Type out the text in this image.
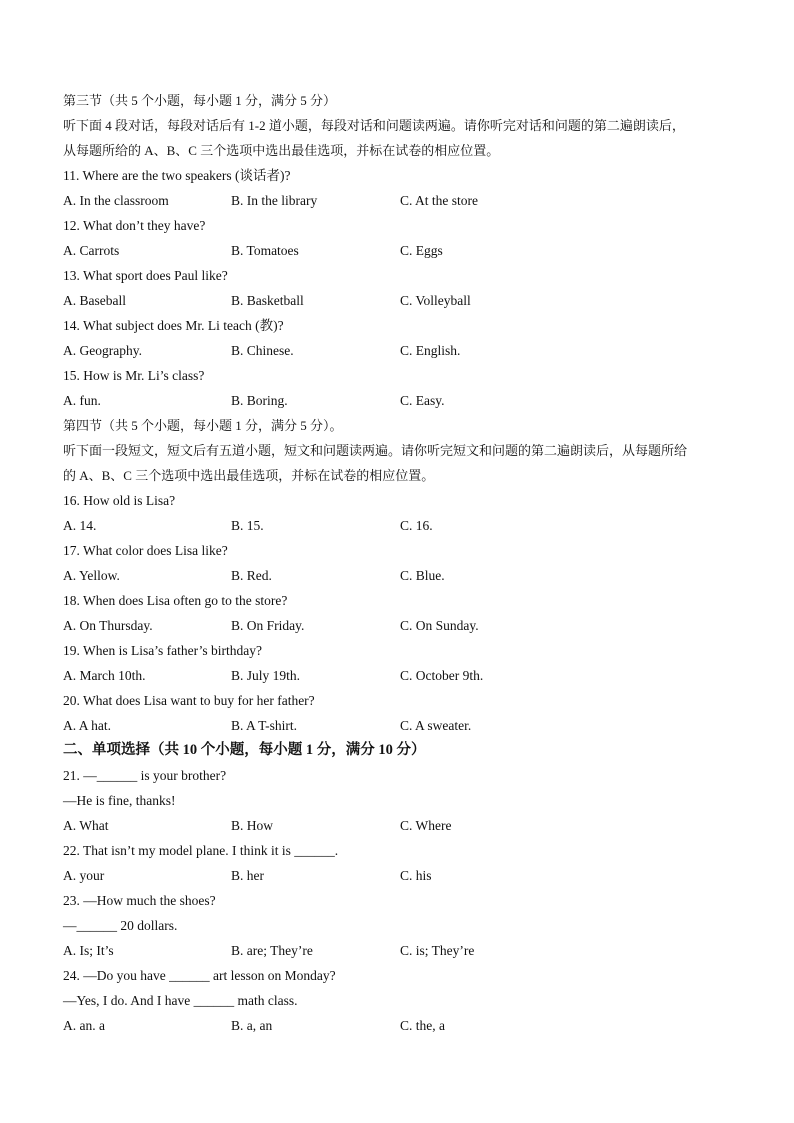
第三节（共 5 个小题，每小题 1 分，满分 5 分）
听下面 4 段对话，每段对话后有 1-2 道小题，每段对话和问题读两遍。请你听完对话和问题的第二遍朗读后，
从每题所给的 A、B、C 三个选项中选出最佳选项，并标在试卷的相应位置。
11. Where are the two speakers (谈话者)?
A. In the classroom	B. In the library	C. At the store
12. What don’t they have?
A. Carrots	B. Tomatoes	C. Eggs
13. What sport does Paul like?
A. Baseball	B. Basketball	C. Volleyball
14. What subject does Mr. Li teach (教)?
A. Geography.	B. Chinese.	C. English.
15. How is Mr. Li’s class?
A. fun.	B. Boring.	C. Easy.
第四节（共 5 个小题，每小题 1 分，满分 5 分）。
听下面一段短文，短文后有五道小题，短文和问题读两遍。请你听完短文和问题的第二遍朗读后，从每题所给
的 A、B、C 三个选项中选出最佳选项，并标在试卷的相应位置。
16. How old is Lisa?
A. 14.	B. 15.	C. 16.
17. What color does Lisa like?
A. Yellow.	B. Red.	C. Blue.
18. When does Lisa often go to the store?
A. On Thursday.	B. On Friday.	C. On Sunday.
19. When is Lisa’s father’s birthday?
A. March 10th.	B. July 19th.	C. October 9th.
20. What does Lisa want to buy for her father?
A. A hat.	B. A T-shirt.	C. A sweater.
二、单项选择（共 10 个小题，每小题 1 分，满分 10 分）
21. —______ is your brother?
—He is fine, thanks!
A. What	B. How	C. Where
22. That isn’t my model plane. I think it is ______.
A. your	B. her	C. his
23. —How much the shoes?
—______ 20 dollars.
A. Is; It’s	B. are; They’re	C. is; They’re
24. —Do you have ______ art lesson on Monday?
—Yes, I do. And I have ______ math class.
A. an. a	B. a, an	C. the, a
